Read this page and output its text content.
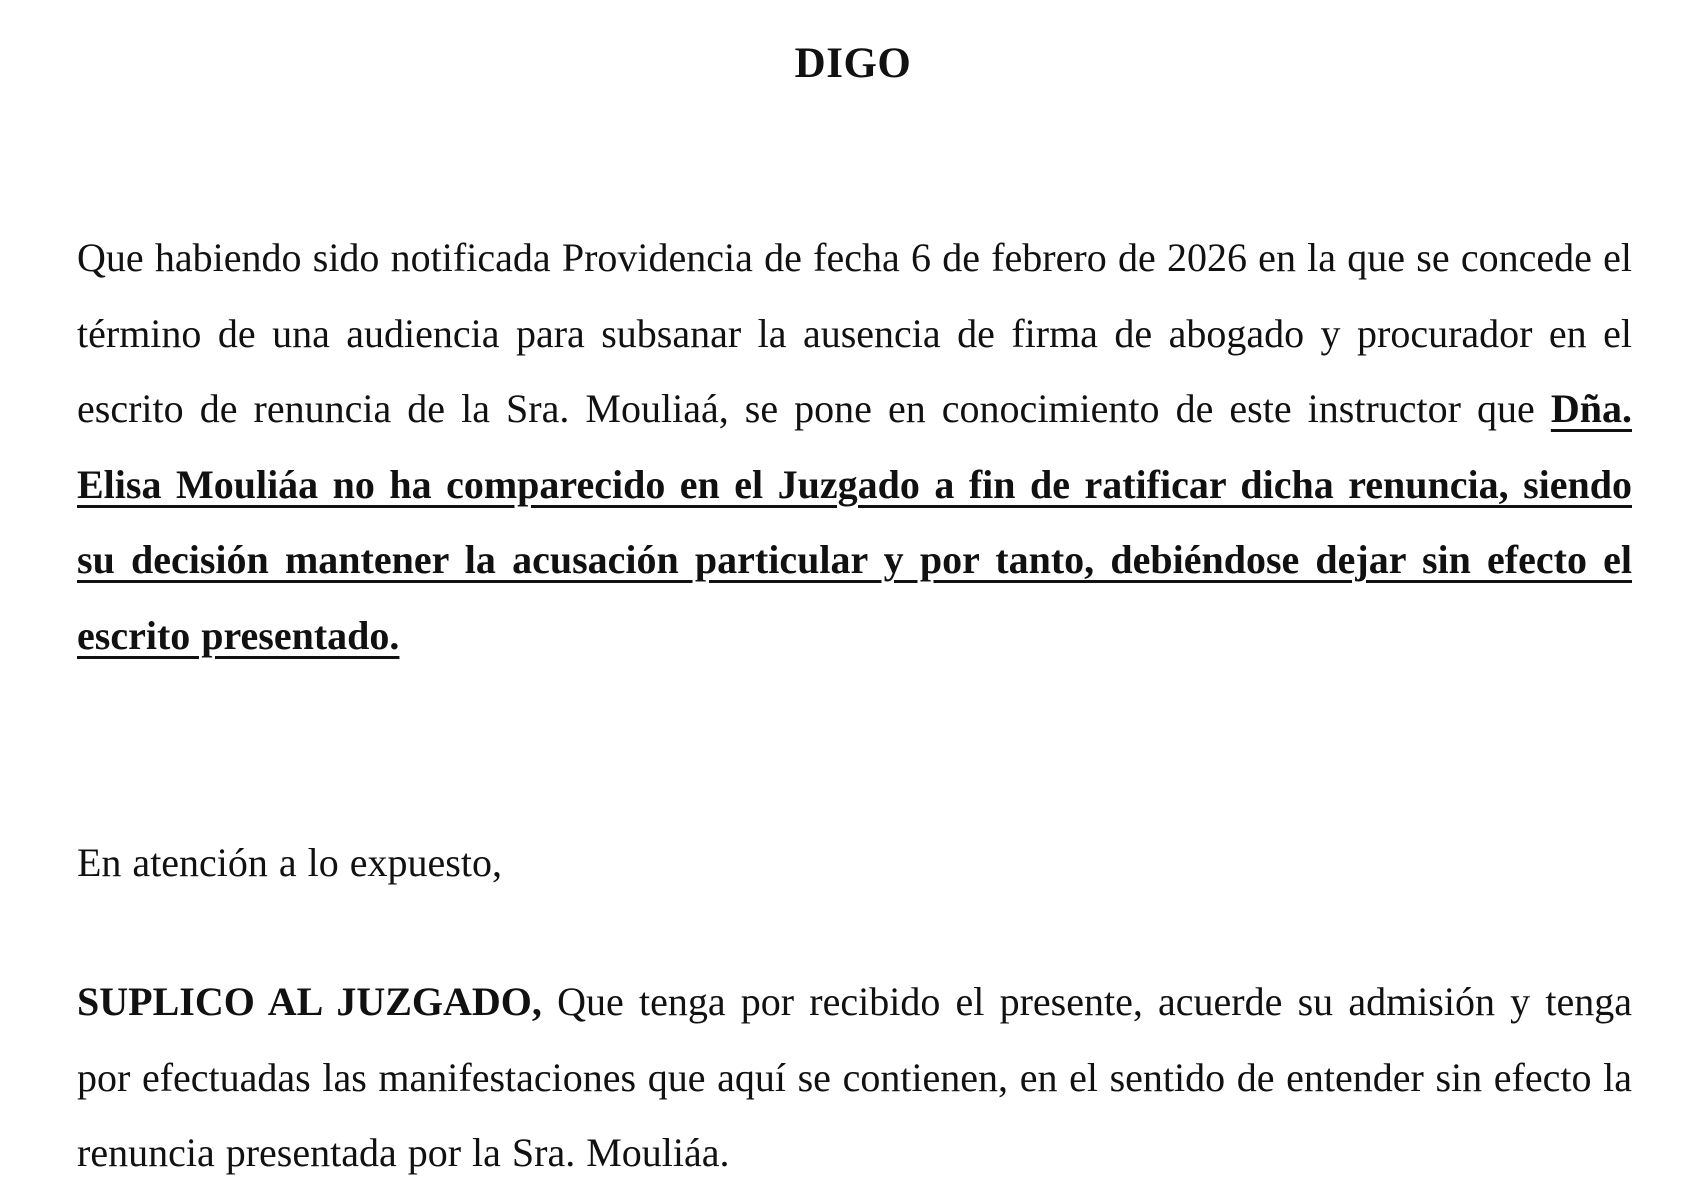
DIGO

Que habiendo sido notificada Providencia de fecha 6 de febrero de 2026 en la que se concede el término de una audiencia para subsanar la ausencia de firma de abogado y procurador en el escrito de renuncia de la Sra. Mouliaá, se pone en conocimiento de este instructor que Dña. Elisa Mouliáa no ha comparecido en el Juzgado a fin de ratificar dicha renuncia, siendo su decisión mantener la acusación particular y por tanto, debiéndose dejar sin efecto el escrito presentado.

En atención a lo expuesto,

SUPLICO AL JUZGADO, Que tenga por recibido el presente, acuerde su admisión y tenga por efectuadas las manifestaciones que aquí se contienen, en el sentido de entender sin efecto la renuncia presentada por la Sra. Mouliáa.
